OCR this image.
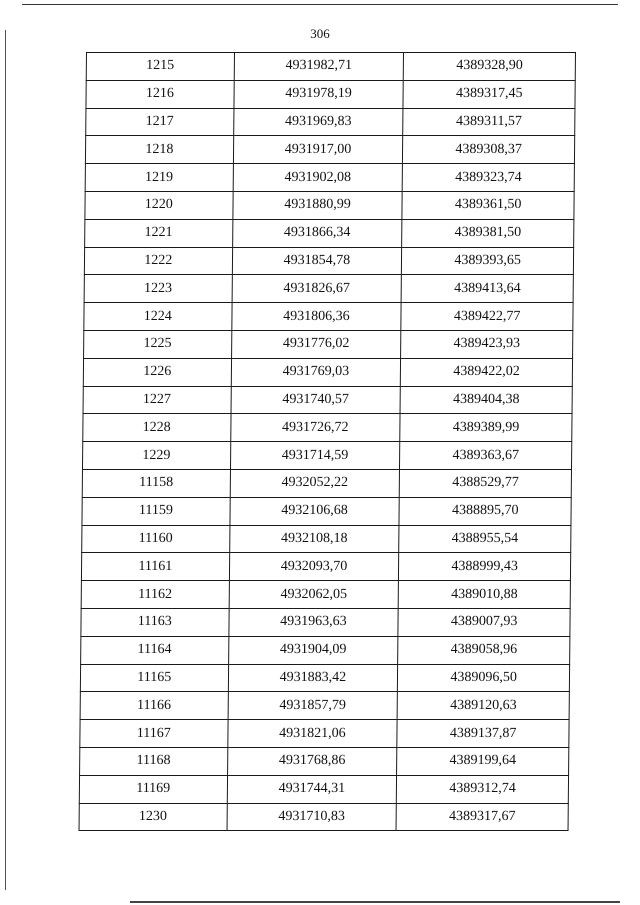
306
1215	4931982,71	4389328,90
1216	4931978,19	4389317,45
1217	4931969,83	4389311,57
1218	4931917,00	4389308,37
1219	4931902,08	4389323,74
1220	4931880,99	4389361,50
1221	4931866,34	4389381,50
1222	4931854,78	4389393,65
1223	4931826,67	4389413,64
1224	4931806,36	4389422,77
1225	4931776,02	4389423,93
1226	4931769,03	4389422,02
1227	4931740,57	4389404,38
1228	4931726,72	4389389,99
1229	4931714,59	4389363,67
11158	4932052,22	4388529,77
11159	4932106,68	4388895,70
11160	4932108,18	4388955,54
11161	4932093,70	4388999,43
11162	4932062,05	4389010,88
11163	4931963,63	4389007,93
11164	4931904,09	4389058,96
11165	4931883,42	4389096,50
11166	4931857,79	4389120,63
11167	4931821,06	4389137,87
11168	4931768,86	4389199,64
11169	4931744,31	4389312,74
1230	4931710,83	4389317,67
